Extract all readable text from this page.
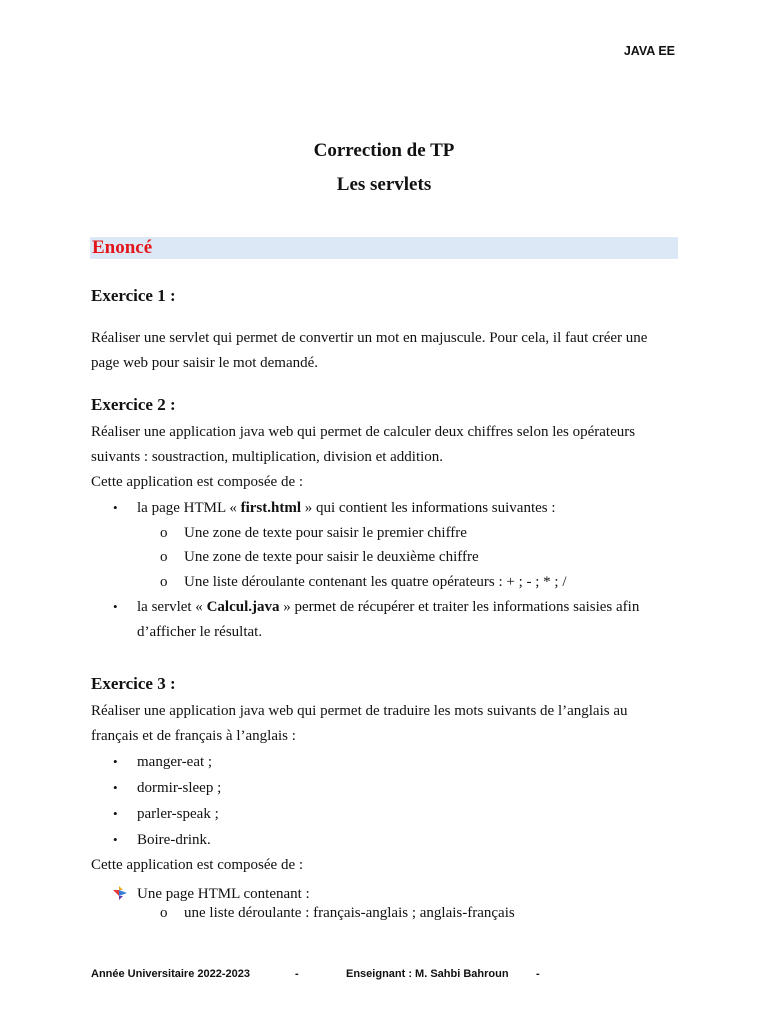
JAVA EE
Correction de TP
Les servlets
Enoncé
Exercice 1 :
Réaliser une servlet qui permet de convertir un mot en majuscule. Pour cela, il faut créer une
page web pour saisir le mot demandé.
Exercice 2 :
Réaliser une application java web qui permet de calculer deux chiffres selon les opérateurs
suivants : soustraction, multiplication, division et addition.
Cette application est composée de :
• la page HTML « first.html » qui contient les informations suivantes :
o Une zone de texte pour saisir le premier chiffre
o Une zone de texte pour saisir le deuxième chiffre
o Une liste déroulante contenant les quatre opérateurs : + ; - ; * ; /
• la servlet « Calcul.java » permet de récupérer et traiter les informations saisies afin
d’afficher le résultat.
Exercice 3 :
Réaliser une application java web qui permet de traduire les mots suivants de l’anglais au
français et de français à l’anglais :
• manger-eat ;
• dormir-sleep ;
• parler-speak ;
• Boire-drink.
Cette application est composée de :
Une page HTML contenant :
o une liste déroulante : français-anglais ; anglais-français
Année Universitaire 2022-2023	-	Enseignant : M. Sahbi Bahroun -
